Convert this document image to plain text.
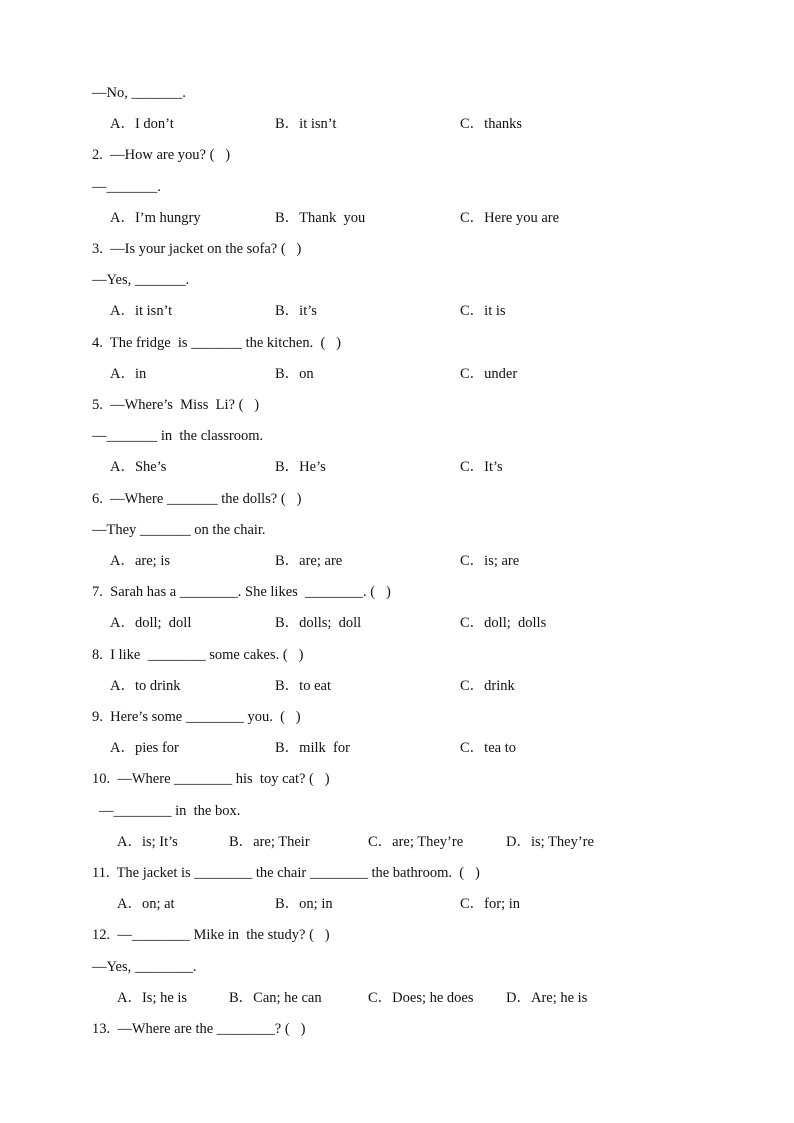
—No, _______.
A．I don’t	B．it isn’t	C．thanks
2.  —How are you? (   )
—_______.
A．I’m hungry	B．Thank  you	C．Here you are
3.  —Is your jacket on the sofa? (   )
—Yes, _______.
A．it isn’t	B．it’s	C．it is
4.  The fridge  is _______ the kitchen.  (   )
A．in	B．on	C．under
5.  —Where’s  Miss  Li? (   )
—_______ in  the classroom.
A．She’s	B．He’s	C．It’s
6.  —Where _______ the dolls? (   )
—They _______ on the chair.
A．are; is	B．are; are	C．is; are
7.  Sarah has a ________. She likes  ________. (   )
A．doll;  doll	B．dolls;  doll	C．doll;  dolls
8.  I like  ________ some cakes. (   )
A．to drink	B．to eat	C．drink
9.  Here’s some ________ you.  (   )
A．pies for	B．milk  for	C．tea to
10.  —Where ________ his  toy cat? (   )
—________ in  the box.
A．is; It’s	B．are; Their	C．are; They’re	D．is; They’re
11.  The jacket is ________ the chair ________ the bathroom.  (   )
A．on; at	B．on; in	C．for; in
12.  —________ Mike in  the study? (   )
—Yes, ________.
A．Is; he is	B．Can; he can	C．Does; he does D．Are; he is
13.  —Where are the ________? (   )
